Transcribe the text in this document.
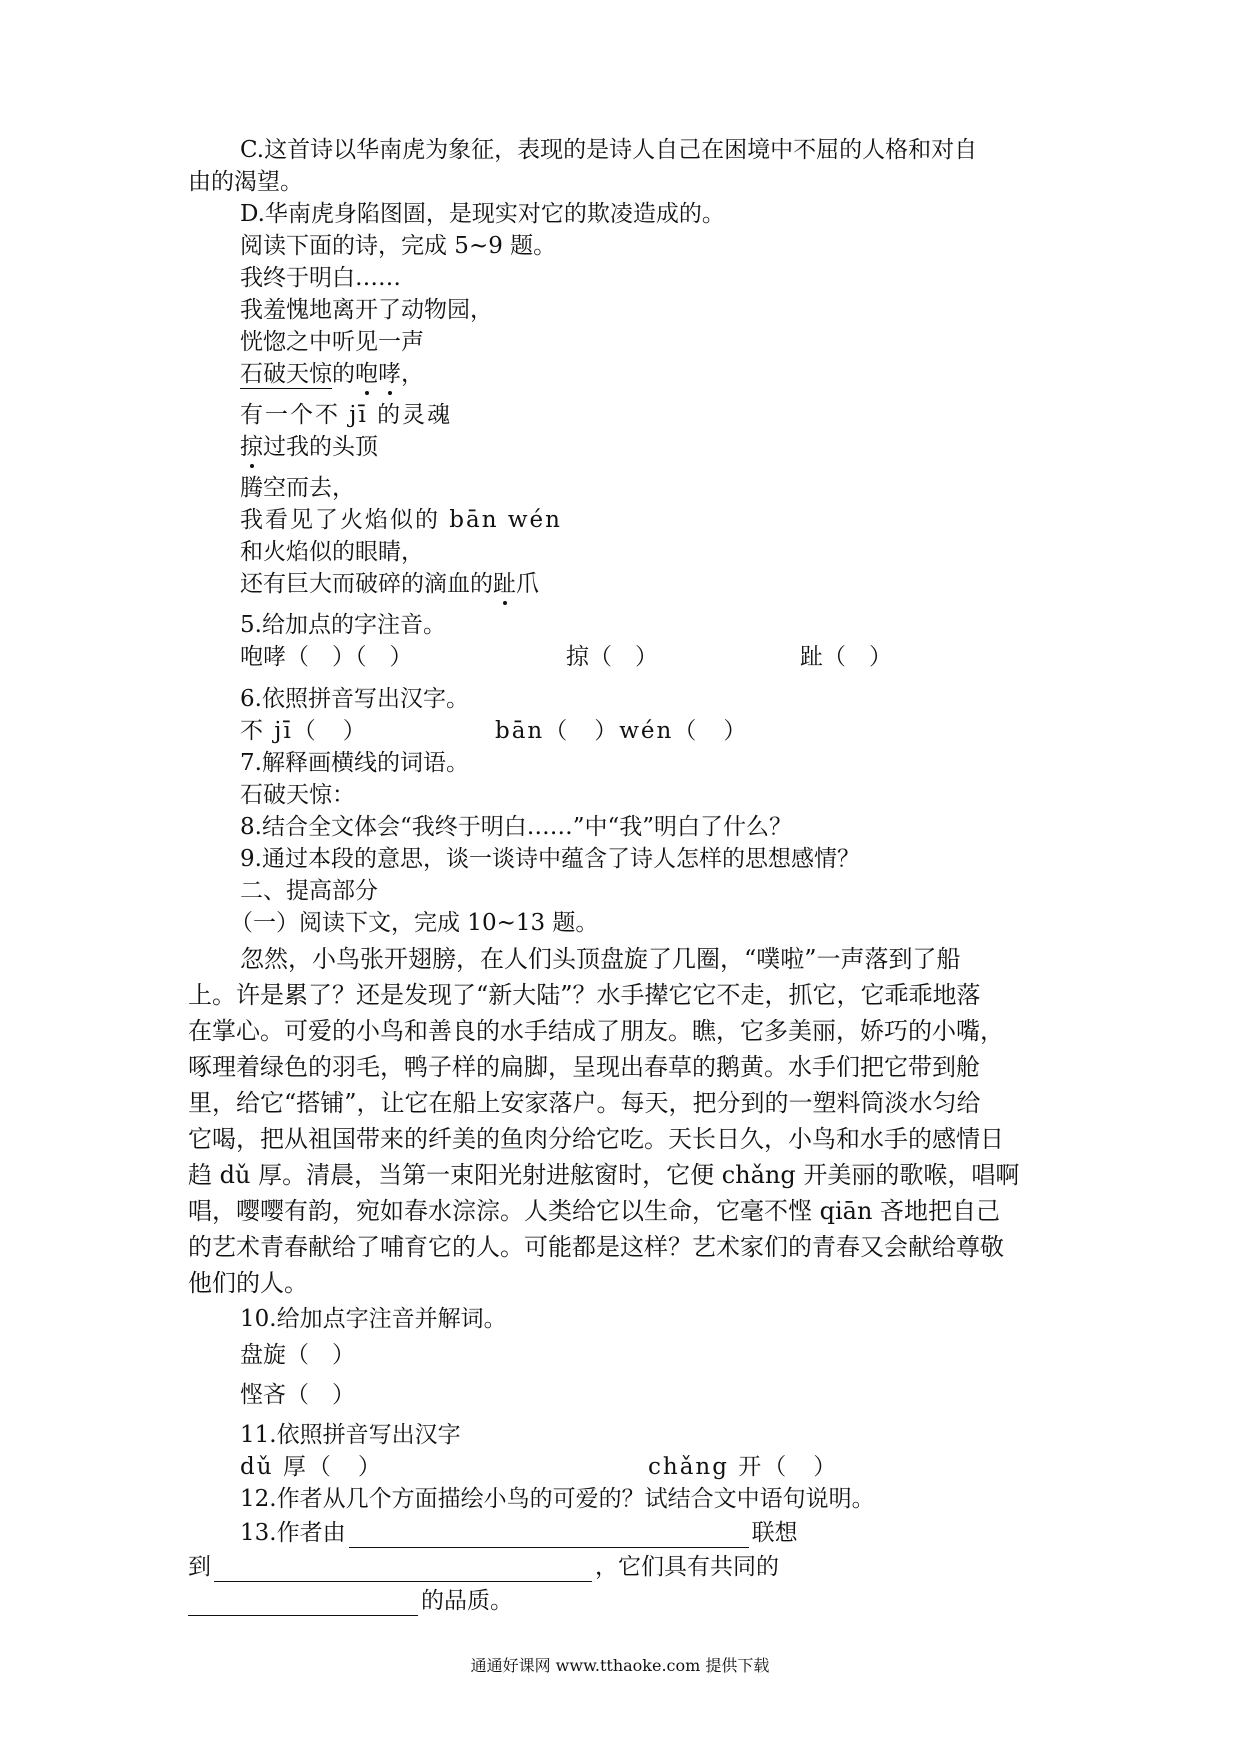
C.这首诗以华南虎为象征，表现的是诗人自己在困境中不屈的人格和对自
由的渴望。
D.华南虎身陷图圄，是现实对它的欺凌造成的。
阅读下面的诗，完成 5~9 题。
我终于明白……
我羞愧地离开了动物园，
恍惚之中听见一声
石破天惊的咆哮，
有一个不 jī 的灵魂
掠过我的头顶
腾空而去，
我看见了火焰似的 bān wén
和火焰似的眼睛，
还有巨大而破碎的滴血的趾爪
5.给加点的字注音。
咆哮（　）（　）	掠（　）	趾（　）
6.依照拼音写出汉字。
不 jī（　）	bān（　）wén（　）
7.解释画横线的词语。
石破天惊：
8.结合全文体会“我终于明白……”中“我”明白了什么？
9.通过本段的意思，谈一谈诗中蕴含了诗人怎样的思想感情？
二、提高部分
（一）阅读下文，完成 10~13 题。
忽然，小鸟张开翅膀，在人们头顶盘旋了几圈，“噗啦”一声落到了船
上。许是累了？还是发现了“新大陆”？水手撵它它不走，抓它，它乖乖地落
在掌心。可爱的小鸟和善良的水手结成了朋友。瞧，它多美丽，娇巧的小嘴，
啄理着绿色的羽毛，鸭子样的扁脚，呈现出春草的鹅黄。水手们把它带到舱
里，给它“搭铺”，让它在船上安家落户。每天，把分到的一塑料筒淡水匀给
它喝，把从祖国带来的纤美的鱼肉分给它吃。天长日久，小鸟和水手的感情日
趋 dǔ 厚。清晨，当第一束阳光射进舷窗时，它便 chǎng 开美丽的歌喉，唱啊
唱，嘤嘤有韵，宛如春水淙淙。人类给它以生命，它毫不悭 qiān 吝地把自己
的艺术青春献给了哺育它的人。可能都是这样？艺术家们的青春又会献给尊敬
他们的人。
10.给加点字注音并解词。
盘旋（　）
悭吝（　）
11.依照拼音写出汉字
dǔ 厚（　）	chǎng 开（　）
12.作者从几个方面描绘小鸟的可爱的？试结合文中语句说明。
13.作者由	联想
到	，它们具有共同的
的品质。
通通好课网 www.tthaoke.com 提供下载
